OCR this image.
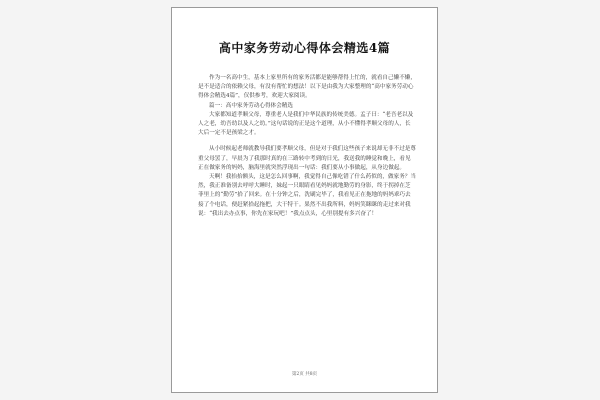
高中家务劳动心得体会精选4篇

作为一名高中生，基本上家里所有的家务活都是能够帮得上忙的，就看自己懒不懒，是不是适合的依赖父母，有没有帮忙的想法！以下是由我为大家整理的“高中家务劳动心得体会精选4篇”，仅供参考，欢迎大家阅读。

篇一：高中家务劳动心得体会精选

大家都知道孝顺父母，尊重老人是我们中华民族的传统美德。孟子曰：“老吾老以及人之老，幼吾幼以及人之幼。”这句话说的正是这个道理，从小不懂得孝顺父母的人，长大后一定不是孩梁之才。

从小时候起老师就教导我们要孝顺父母，但是对于我们这些孩子来说却无非不过是尊重父母罢了，早晨为了我那时真的在三路转中考到的日光，我送我的睡觉和晚上，看见正在做家务的妈妈，脑海里就突然浮现出一句话：我们要从小事做起，从身边做起。

天啊！我抬抬额头，这是怎么回事啊，我觉得自己像吃错了什么药似的，做家务？当然，我正准备别去呼呼大睡时，妹起一只眼睛看见妈妈就地勤劳的身影，终于拐掉在芝菲里上的“勤劳”拾了回来。在十分钟之后，洗刷完毕了，我看见正在拖地的妈妈乖巧去接了个电话，便赶紧拾起拖把，大干特干。果然不出我所料，妈妈笑眯眯的走过来对我说：“我出去办点事，你先在家玩吧！”我点点头，心里别提有多兴奋了！

第2页 共8页
